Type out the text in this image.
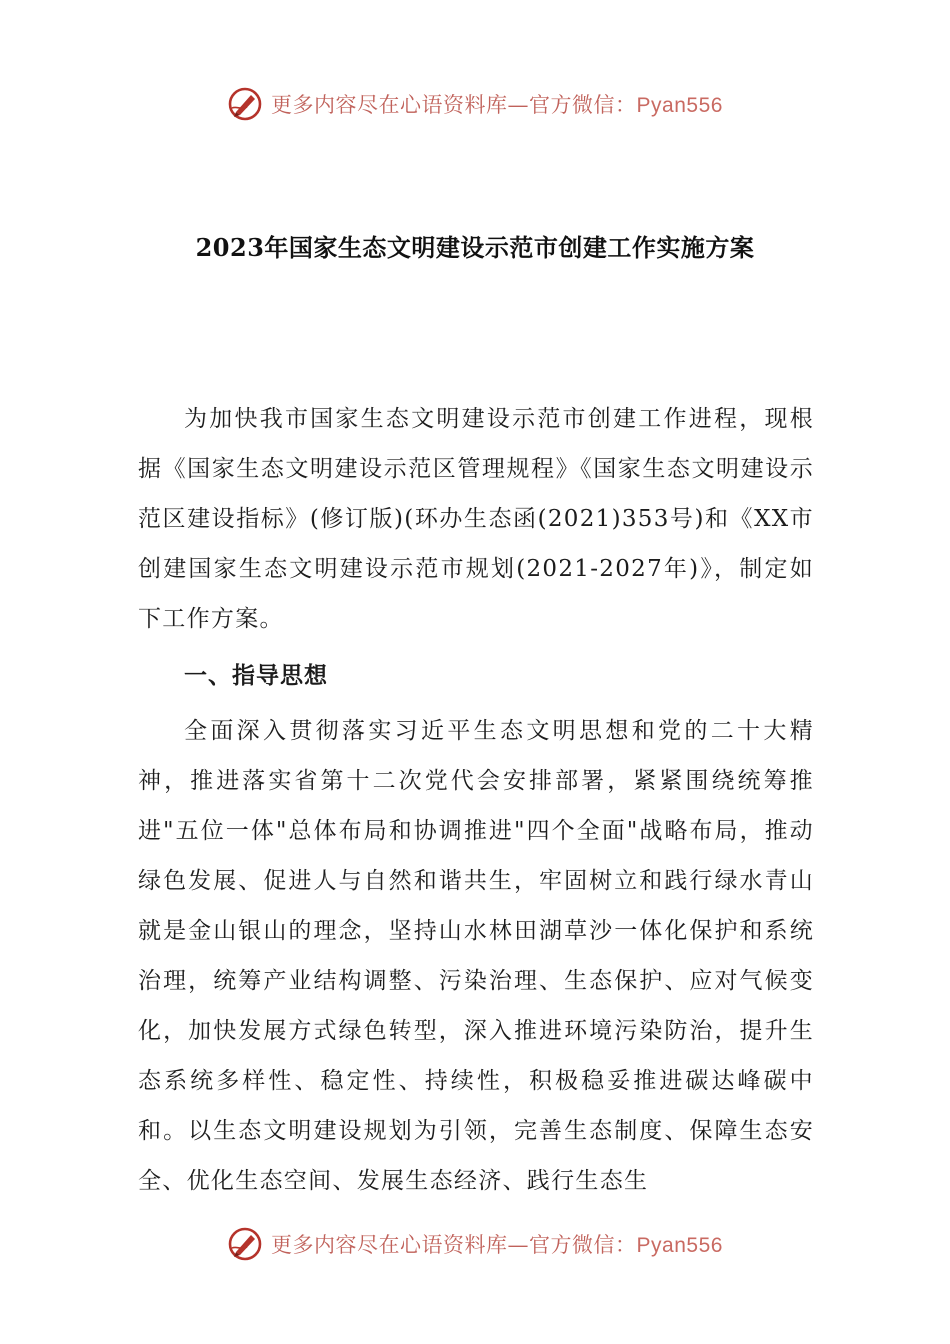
更多内容尽在心语资料库—官方微信：Pyan556
2023年国家生态文明建设示范市创建工作实施方案

为加快我市国家生态文明建设示范市创建工作进程，现根据《国家生态文明建设示范区管理规程》《国家生态文明建设示范区建设指标》(修订版)(环办生态函(2021)353号)和《XX市创建国家生态文明建设示范市规划(2021-2027年)》，制定如下工作方案。

一、指导思想

全面深入贯彻落实习近平生态文明思想和党的二十大精神，推进落实省第十二次党代会安排部署，紧紧围绕统筹推进"五位一体"总体布局和协调推进"四个全面"战略布局，推动绿色发展、促进人与自然和谐共生，牢固树立和践行绿水青山就是金山银山的理念，坚持山水林田湖草沙一体化保护和系统治理，统筹产业结构调整、污染治理、生态保护、应对气候变化，加快发展方式绿色转型，深入推进环境污染防治，提升生态系统多样性、稳定性、持续性，积极稳妥推进碳达峰碳中和。以生态文明建设规划为引领，完善生态制度、保障生态安全、优化生态空间、发展生态经济、践行生态生

更多内容尽在心语资料库—官方微信：Pyan556
